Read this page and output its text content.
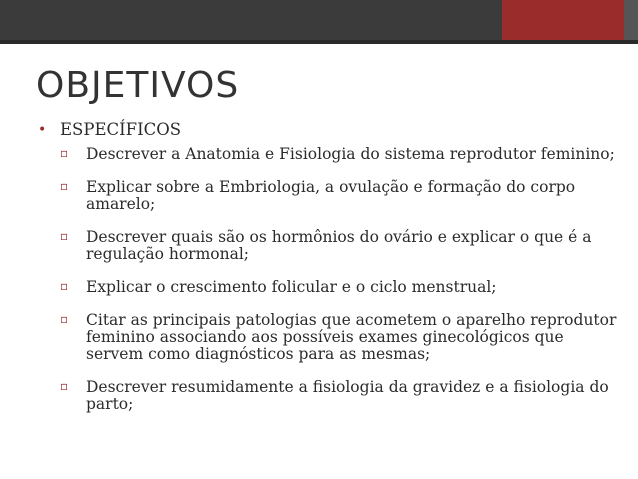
OBJETIVOS
• ESPECÍFICOS
▫ Descrever a Anatomia e Fisiologia do sistema reprodutor feminino;
▫ Explicar sobre a Embriologia, a ovulação e formação do corpo amarelo;
▫ Descrever quais são os hormônios do ovário e explicar o que é a regulação hormonal;
▫ Explicar o crescimento folicular e o ciclo menstrual;
▫ Citar as principais patologias que acometem o aparelho reprodutor feminino associando aos possíveis exames ginecológicos que servem como diagnósticos para as mesmas;
▫ Descrever resumidamente a fisiologia da gravidez e a fisiologia do parto;
